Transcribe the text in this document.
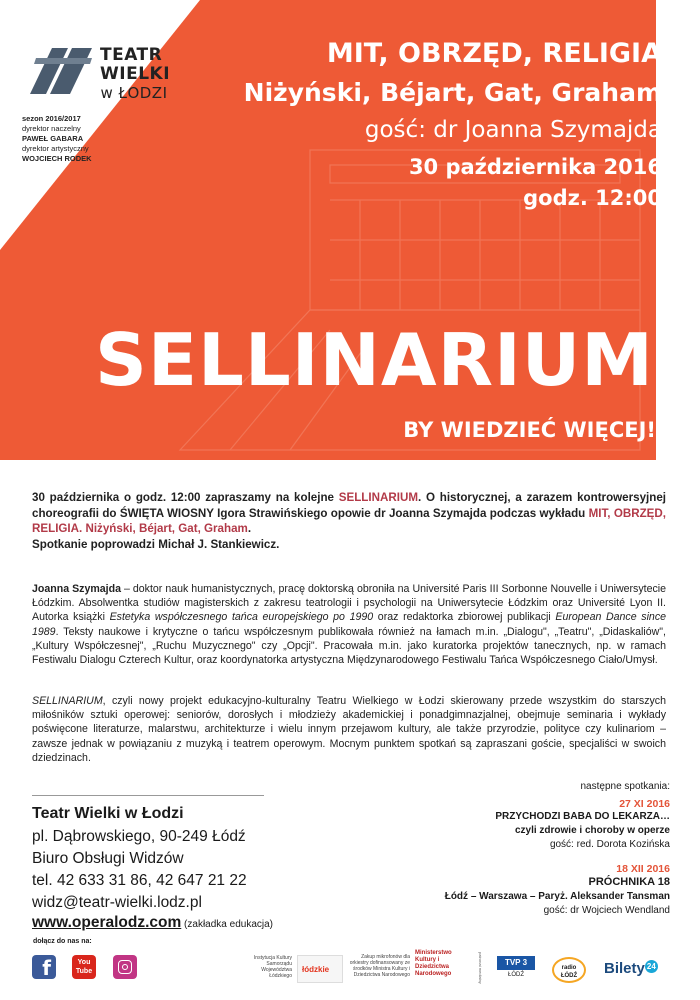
TEATR
WIELKI
w ŁODZI
sezon 2016/2017
dyrektor naczelny
PAWEŁ GABARA
dyrektor artystyczny
WOJCIECH RODEK
MIT, OBRZĘD, RELIGIA
Niżyński, Béjart, Gat, Graham
gość: dr Joanna Szymajda
30 października 2016
godz. 12:00
SELLINARIUM
BY WIEDZIEĆ WIĘCEJ!
30 października o godz. 12:00 zapraszamy na kolejne SELLINARIUM. O historycznej, a zarazem kontrowersyjnej choreografii do ŚWIĘTA WIOSNY Igora Strawińskiego opowie dr Joanna Szymajda podczas wykładu MIT, OBRZĘD, RELIGIA. Niżyński, Béjart, Gat, Graham.
Spotkanie poprowadzi Michał J. Stankiewicz.
Joanna Szymajda – doktor nauk humanistycznych, pracę doktorską obroniła na Université Paris III Sorbonne Nouvelle i Uniwersytecie Łódzkim. Absolwentka studiów magisterskich z zakresu teatrologii i psychologii na Uniwersytecie Łódzkim oraz Université Lyon II. Autorka książki Estetyka współczesnego tańca europejskiego po 1990 oraz redaktorka zbiorowej publikacji European Dance since 1989. Teksty naukowe i krytyczne o tańcu współczesnym publikowała również na łamach m.in. „Dialogu", „Teatru", „Didaskaliów", „Kultury Współczesnej", „Ruchu Muzycznego" czy „Opcji". Pracowała m.in. jako kuratorka projektów tanecznych, np. w ramach Festiwalu Dialogu Czterech Kultur, oraz koordynatorka artystyczna Międzynarodowego Festiwalu Tańca Współczesnego Ciało/Umysł.
SELLINARIUM, czyli nowy projekt edukacyjno-kulturalny Teatru Wielkiego w Łodzi skierowany przede wszystkim do starszych miłośników sztuki operowej: seniorów, dorosłych i młodzieży akademickiej i ponadgimnazjalnej, obejmuje seminaria i wykłady poświęcone literaturze, malarstwu, architekturze i wielu innym przejawom kultury, ale także przyrodzie, polityce czy kulinariom – zawsze jednak w powiązaniu z muzyką i teatrem operowym. Mocnym punktem spotkań są zapraszani goście, specjaliści w swoich dziedzinach.
Teatr Wielki w Łodzi
pl. Dąbrowskiego, 90-249 Łódź
Biuro Obsługi Widzów
tel. 42 633 31 86, 42 647 21 22
widz@teatr-wielki.lodz.pl
www.operalodz.com (zakładka edukacja)
następne spotkania:
27 XI 2016
PRZYCHODZI BABA DO LEKARZA…
czyli zdrowie i choroby w operze
gość: red. Dorota Kozińska
18 XII 2016
PRÓCHNIKA 18
Łódź – Warszawa – Paryż. Aleksander Tansman
gość: dr Wojciech Wendland
dołącz do nas na:
f	You Tube
Instytucja Kultury Samorządu Województwa Łódzkiego
łódzkie
Zakup mikrofonów dla orkiestry dofinansowany ze środków Ministra Kultury i Dziedzictwa Narodowego
Ministerstwo Kultury i Dziedzictwa Narodowego	patronat medialny	TVP 3
ŁÓDŹ
radio ŁÓDŹ	Bilety 24
